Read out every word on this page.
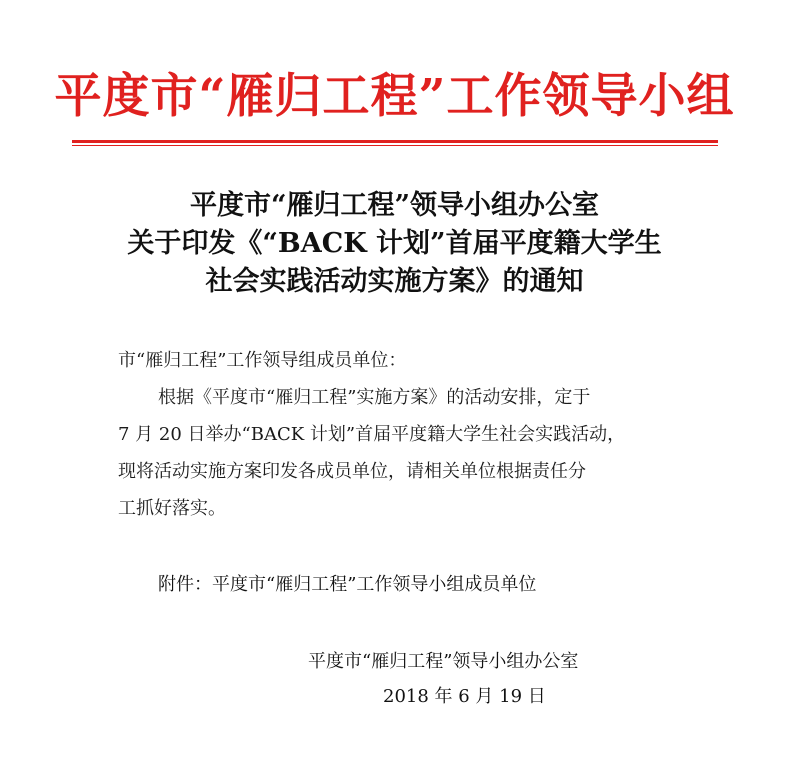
平度市“雁归工程”工作领导小组
平度市“雁归工程”领导小组办公室
关于印发《“BACK 计划”首届平度籍大学生
社会实践活动实施方案》的通知
市“雁归工程”工作领导组成员单位：
根据《平度市“雁归工程”实施方案》的活动安排，定于
7 月 20 日举办“BACK 计划”首届平度籍大学生社会实践活动，
现将活动实施方案印发各成员单位，请相关单位根据责任分
工抓好落实。
附件：平度市“雁归工程”工作领导小组成员单位
平度市“雁归工程”领导小组办公室
2018 年 6 月 19 日
